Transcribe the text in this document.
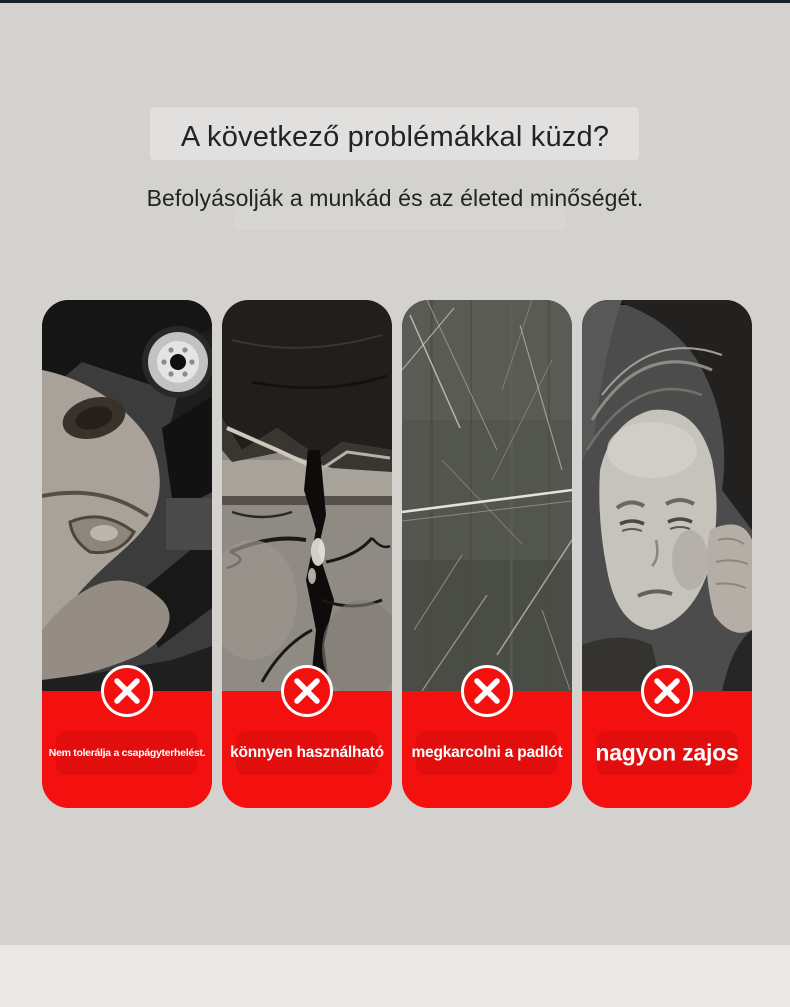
A következő problémákkal küzd?
Befolyásolják a munkád és az életed minőségét.
Nem tolerálja a csapágyterhelést.	könnyen használható	megkarcolni a padlót	nagyon zajos
